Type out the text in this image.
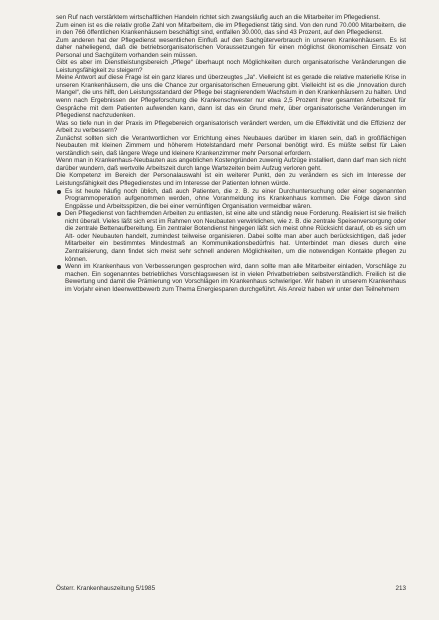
sen Ruf nach verstärktem wirtschaftlichen Handeln richtet sich zwangsläufig auch an die Mitarbeiter im Pflegedienst.

Zum einen ist es die relativ große Zahl von Mitarbeitern, die im Pflegedienst tätig sind. Von den rund 70.000 Mitarbeitern, die in den 766 öffentlichen Krankenhäusern beschäftigt sind, entfallen 30.000, das sind 43 Prozent, auf den Pflegedienst.

Zum anderen hat der Pflegedienst wesentlichen Einfluß auf den Sachgüterverbrauch in unseren Krankenhäusern. Es ist daher naheliegend, daß die betriebsorganisatorischen Voraussetzungen für einen möglichst ökonomischen Einsatz von Personal und Sachgütern vorhanden sein müssen.

Gibt es aber im Dienstleistungsbereich „Pflege“ überhaupt noch Möglichkeiten durch organisatorische Veränderungen die Leistungsfähigkeit zu steigern?

Meine Antwort auf diese Frage ist ein ganz klares und überzeugtes „Ja“. Vielleicht ist es gerade die relative materielle Krise in unseren Krankenhäusern, die uns die Chance zur organisatorischen Erneuerung gibt. Vielleicht ist es die „Innovation durch Mangel“, die uns hilft, den Leistungsstandard der Pflege bei stagnierendem Wachstum in den Krankenhäusern zu halten. Und wenn nach Ergebnissen der Pflegeforschung die Krankenschwester nur etwa 2,5 Prozent ihrer gesamten Arbeitszeit für Gespräche mit dem Patienten aufwenden kann, dann ist das ein Grund mehr, über organisatorische Veränderungen im Pflegedienst nachzudenken.

Was so tiefe nun in der Praxis im Pflegebereich organisatorisch verändert werden, um die Effektivität und die Effizienz der Arbeit zu verbessern?

Zunächst sollten sich die Verantwortlichen vor Errichtung eines Neubaues darüber im klaren sein, daß in großflächigen Neubauten mit kleinen Zimmern und höherem Hotelstandard mehr Personal benötigt wird. Es müßte selbst für Laien verständlich sein, daß längere Wege und kleinere Krankenzimmer mehr Personal erfordern.

Wenn man in Krankenhaus-Neubauten aus angeblichen Kostengründen zuwenig Aufzüge installiert, dann darf man sich nicht darüber wundern, daß wertvolle Arbeitszeit durch lange Wartezeiten beim Aufzug verloren geht.

Die Kompetenz im Bereich der Personalauswahl ist ein weiterer Punkt, den zu verändern es sich im Interesse der Leistungsfähigkeit des Pflegedienstes und im Interesse der Patienten lohnen würde.

Es ist heute häufig noch üblich, daß auch Patienten, die z. B. zu einer Durchuntersuchung oder einer sogenannten Programmoperation aufgenommen werden, ohne Voranmeldung ins Krankenhaus kommen. Die Folge davon sind Engpässe und Arbeitsspitzen, die bei einer vernünftigen Organisation vermeidbar wären.
Den Pflegedienst von fachfremden Arbeiten zu entlasten, ist eine alte und ständig neue Forderung. Realisiert ist sie freilich nicht überall. Vieles läßt sich erst im Rahmen von Neubauten verwirklichen, wie z. B. die zentrale Speisenversorgung oder die zentrale Bettenaufbereitung. Ein zentraler Botendienst hingegen läßt sich meist ohne Rücksicht darauf, ob es sich um Alt- oder Neubauten handelt, zumindest teilweise organisieren. Dabei sollte man aber auch berücksichtigen, daß jeder Mitarbeiter ein bestimmtes Mindestmaß an Kommunikationsbedürfnis hat. Unterbindet man dieses durch eine Zentralisierung, dann findet sich meist sehr schnell anderen Möglichkeiten, um die notwendigen Kontakte pflegen zu können.
Wenn im Krankenhaus von Verbesserungen gesprochen wird, dann sollte man alle Mitarbeiter einladen, Vorschläge zu machen. Ein sogenanntes betriebliches Vorschlagswesen ist in vielen Privatbetrieben selbstverständlich. Freilich ist die Bewertung und damit die Prämierung von Vorschlägen im Krankenhaus schwieriger. Wir haben in unserem Krankenhaus im Vorjahr einen Ideenwettbewerb zum Thema Energiesparen durchgeführt. Als Anreiz haben wir unter den Teilnehmern
Österr. Krankenhauszeitung 5/1985	213
